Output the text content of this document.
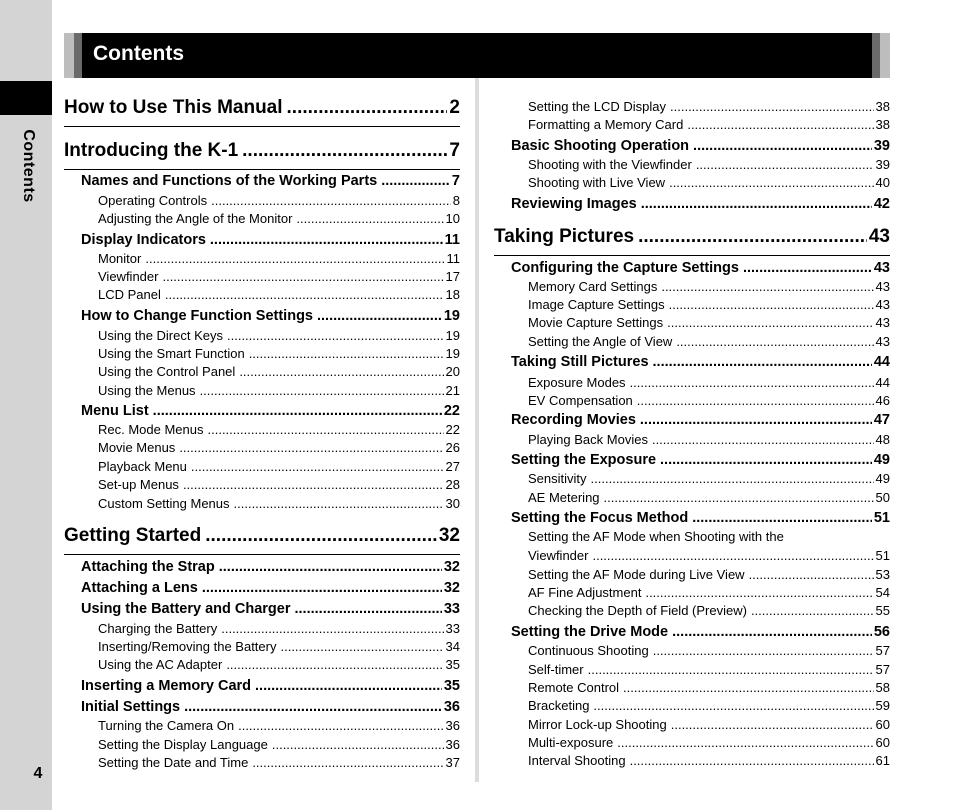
Contents
4
Contents
How to Use This Manual .....	2
Introducing the K-1 .....	7
Names and Functions of the Working Parts .....	7
Operating Controls .....	8
Adjusting the Angle of the Monitor .....	10
Display Indicators .....	11
Monitor .....	11
Viewfinder .....	17
LCD Panel .....	18
How to Change Function Settings .....	19
Using the Direct Keys .....	19
Using the Smart Function .....	19
Using the Control Panel .....	20
Using the Menus .....	21
Menu List .....	22
Rec. Mode Menus .....	22
Movie Menus .....	26
Playback Menu .....	27
Set-up Menus .....	28
Custom Setting Menus .....	30
Getting Started .....	32
Attaching the Strap .....	32
Attaching a Lens .....	32
Using the Battery and Charger .....	33
Charging the Battery .....	33
Inserting/Removing the Battery .....	34
Using the AC Adapter .....	35
Inserting a Memory Card .....	35
Initial Settings .....	36
Turning the Camera On .....	36
Setting the Display Language .....	36
Setting the Date and Time .....	37
Setting the LCD Display .....	38
Formatting a Memory Card .....	38
Basic Shooting Operation .....	39
Shooting with the Viewfinder .....	39
Shooting with Live View .....	40
Reviewing Images .....	42
Taking Pictures .....	43
Configuring the Capture Settings .....	43
Memory Card Settings .....	43
Image Capture Settings .....	43
Movie Capture Settings .....	43
Setting the Angle of View .....	43
Taking Still Pictures .....	44
Exposure Modes .....	44
EV Compensation .....	46
Recording Movies .....	47
Playing Back Movies .....	48
Setting the Exposure .....	49
Sensitivity .....	49
AE Metering .....	50
Setting the Focus Method .....	51
Setting the AF Mode when Shooting with the
Viewfinder .....	51
Setting the AF Mode during Live View .....	53
AF Fine Adjustment .....	54
Checking the Depth of Field (Preview) .....	55
Setting the Drive Mode .....	56
Continuous Shooting .....	57
Self-timer .....	57
Remote Control .....	58
Bracketing .....	59
Mirror Lock-up Shooting .....	60
Multi-exposure .....	60
Interval Shooting .....	61
